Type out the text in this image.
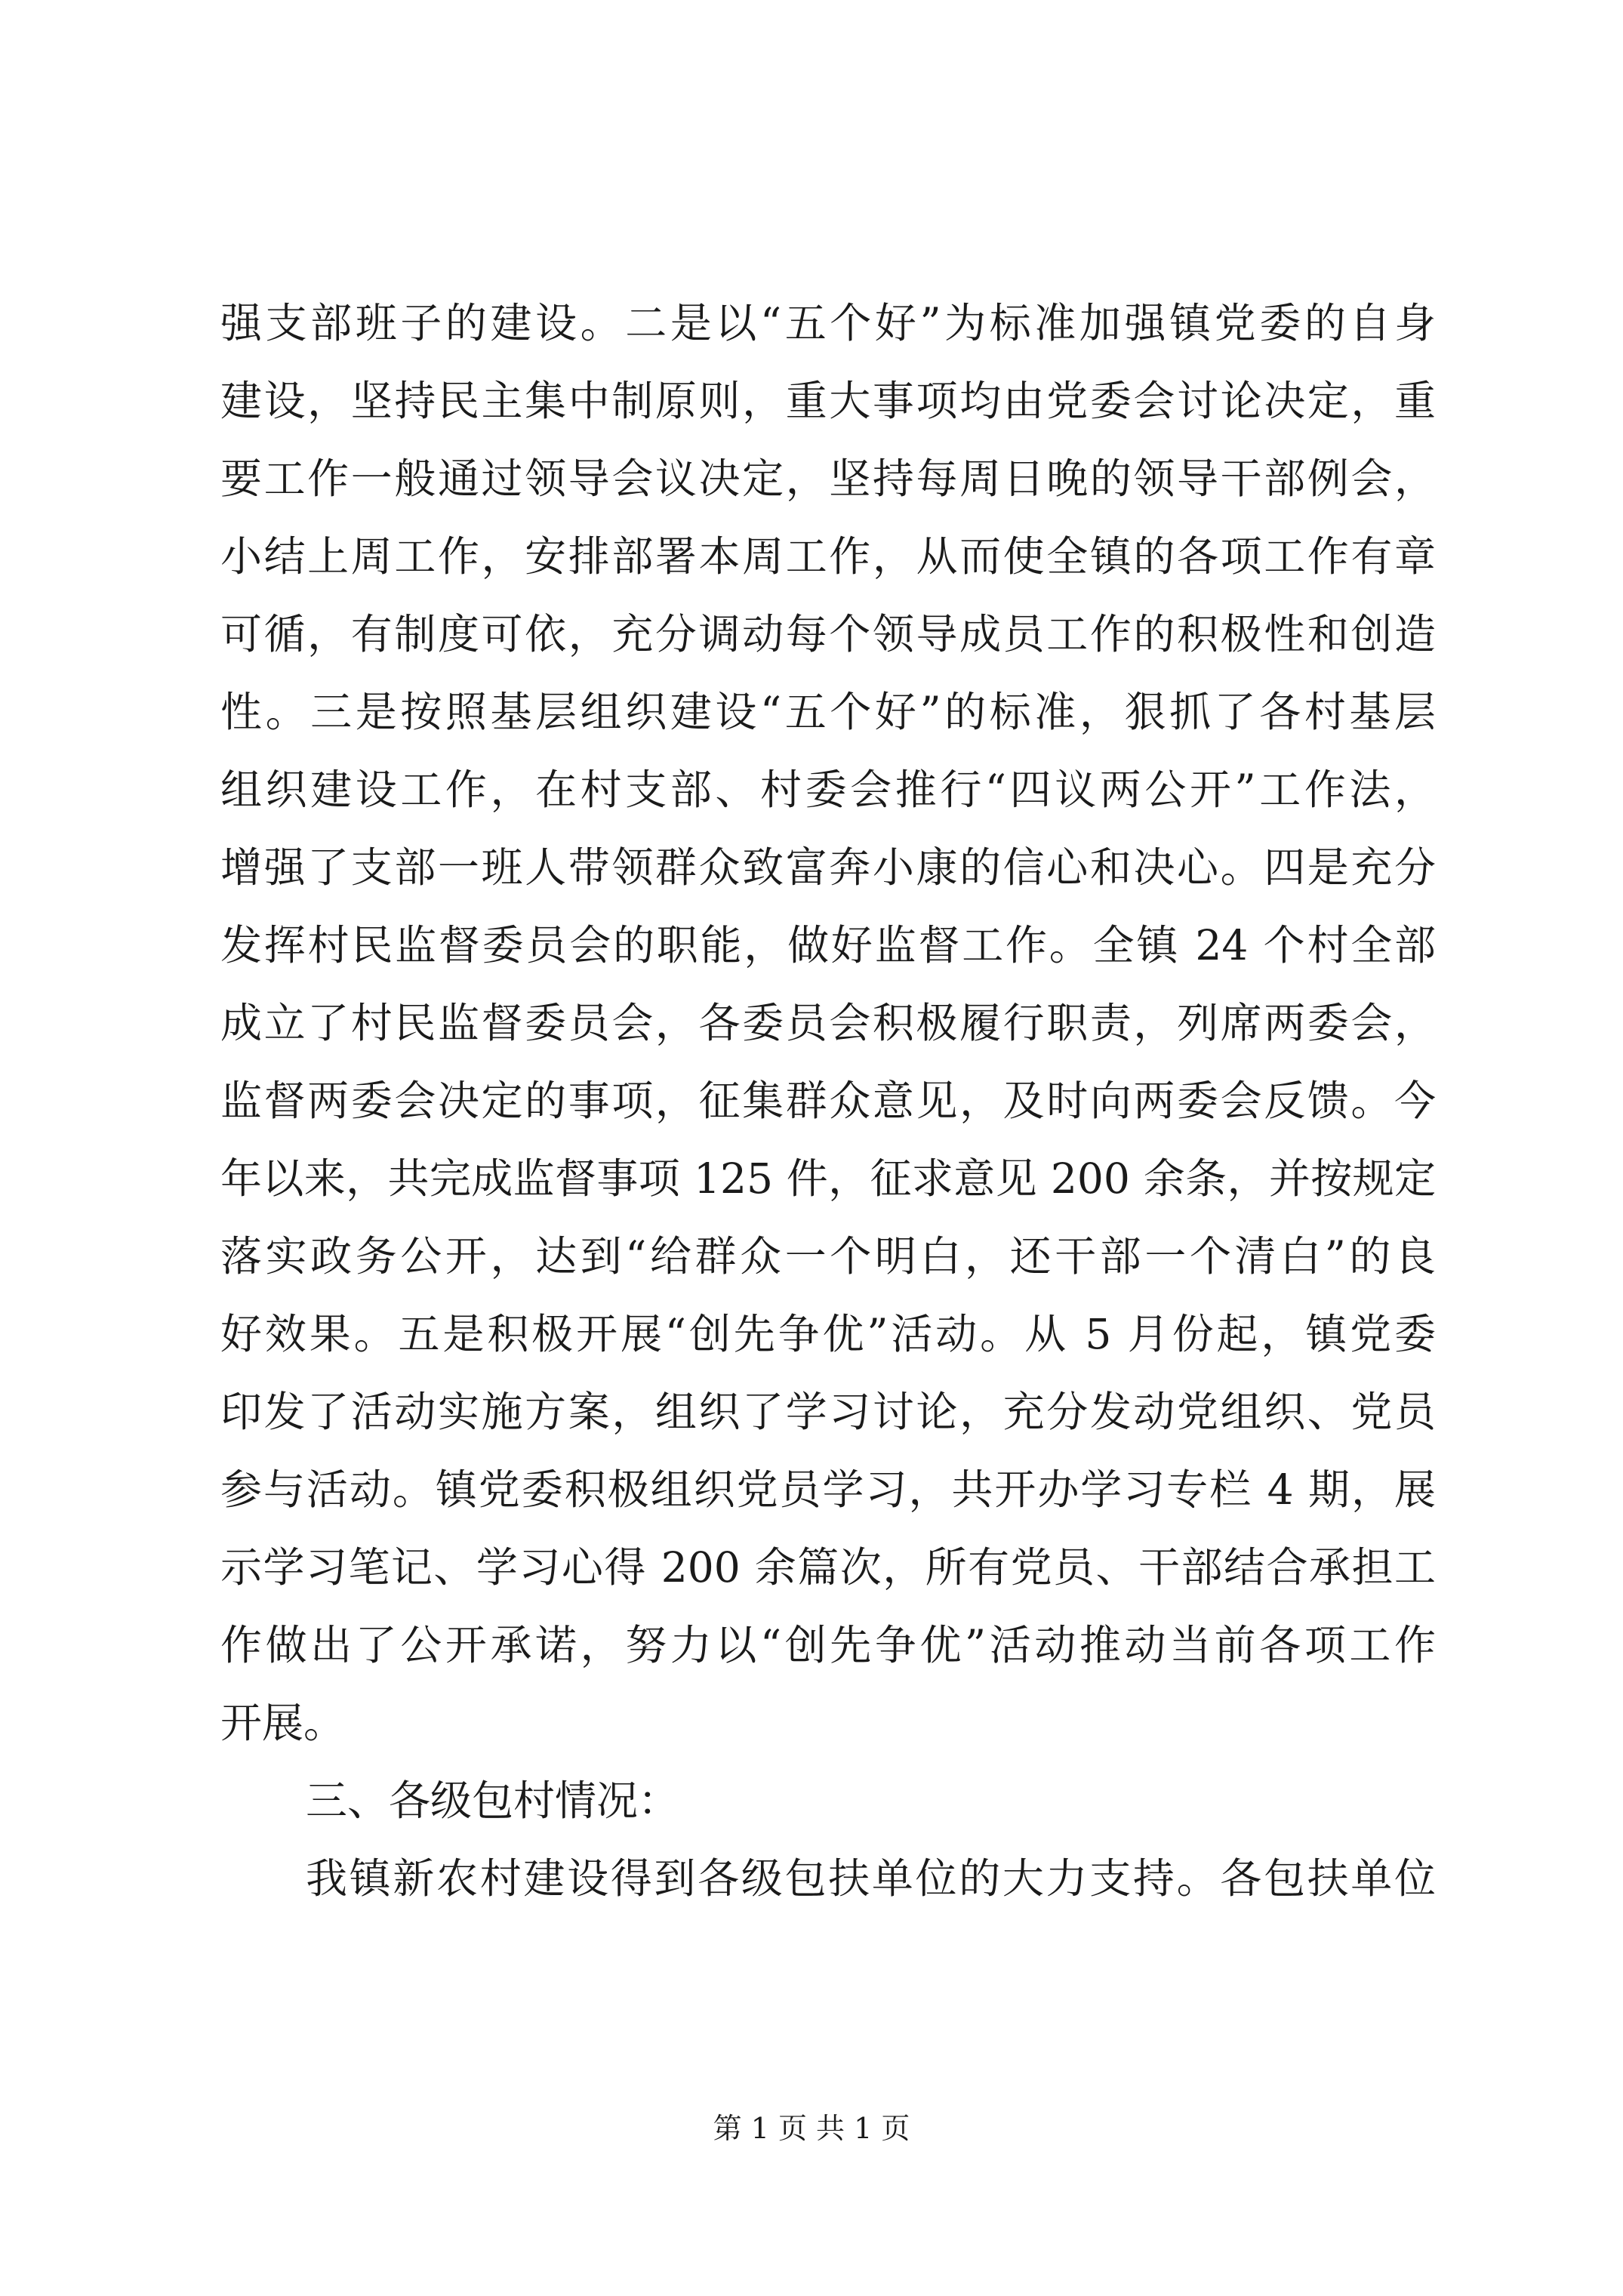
强支部班子的建设。二是以“五个好”为标准加强镇党委的自身
建设，坚持民主集中制原则，重大事项均由党委会讨论决定，重
要工作一般通过领导会议决定，坚持每周日晚的领导干部例会，
小结上周工作，安排部署本周工作，从而使全镇的各项工作有章
可循，有制度可依，充分调动每个领导成员工作的积极性和创造
性。三是按照基层组织建设“五个好”的标准，狠抓了各村基层
组织建设工作，在村支部、村委会推行“四议两公开”工作法，
增强了支部一班人带领群众致富奔小康的信心和决心。四是充分
发挥村民监督委员会的职能，做好监督工作。全镇 24 个村全部
成立了村民监督委员会，各委员会积极履行职责，列席两委会，
监督两委会决定的事项，征集群众意见，及时向两委会反馈。今
年以来，共完成监督事项 125 件，征求意见 200 余条，并按规定
落实政务公开，达到“给群众一个明白，还干部一个清白”的良
好效果。五是积极开展“创先争优”活动。从 5 月份起，镇党委
印发了活动实施方案，组织了学习讨论，充分发动党组织、党员
参与活动。镇党委积极组织党员学习，共开办学习专栏 4 期，展
示学习笔记、学习心得 200 余篇次，所有党员、干部结合承担工
作做出了公开承诺，努力以“创先争优”活动推动当前各项工作
开展。
三、各级包村情况：
我镇新农村建设得到各级包扶单位的大力支持。各包扶单位
第 1 页 共 1 页
